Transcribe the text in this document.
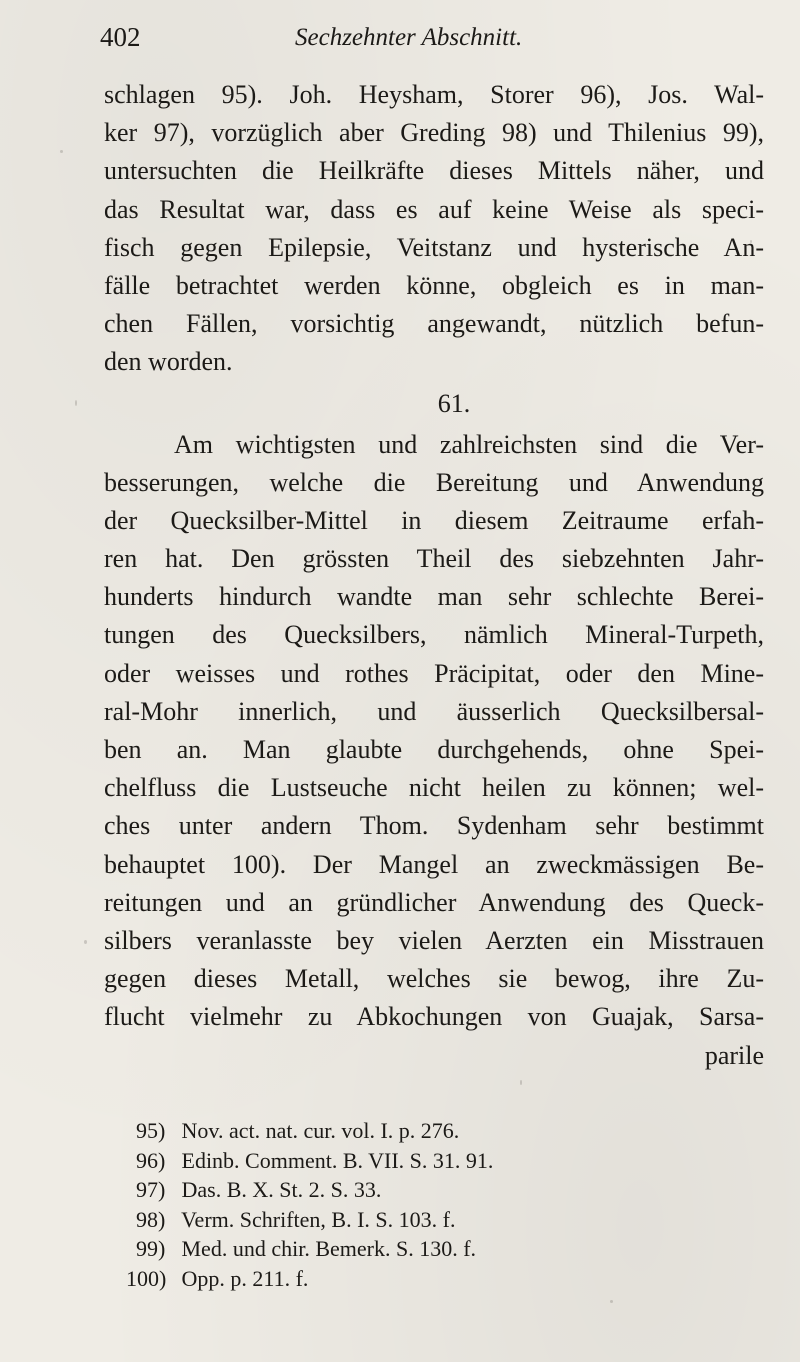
402	Sechzehnter Abschnitt.
schlagen 95). Joh. Heysham, Storer 96), Jos. Wal-
ker 97), vorzüglich aber Greding 98) und Thilenius 99),
untersuchten die Heilkräfte dieses Mittels näher, und
das Resultat war, dass es auf keine Weise als speci-
fisch gegen Epilepsie, Veitstanz und hysterische An-
fälle betrachtet werden könne, obgleich es in man-
chen Fällen, vorsichtig angewandt, nützlich befun-
den worden.
61.
Am wichtigsten und zahlreichsten sind die Ver-
besserungen, welche die Bereitung und Anwendung
der Quecksilber-Mittel in diesem Zeitraume erfah-
ren hat. Den grössten Theil des siebzehnten Jahr-
hunderts hindurch wandte man sehr schlechte Berei-
tungen des Quecksilbers, nämlich Mineral-Turpeth,
oder weisses und rothes Präcipitat, oder den Mine-
ral-Mohr innerlich, und äusserlich Quecksilbersal-
ben an. Man glaubte durchgehends, ohne Spei-
chelfluss die Lustseuche nicht heilen zu können; wel-
ches unter andern Thom. Sydenham sehr bestimmt
behauptet 100). Der Mangel an zweckmässigen Be-
reitungen und an gründlicher Anwendung des Queck-
silbers veranlasste bey vielen Aerzten ein Misstrauen
gegen dieses Metall, welches sie bewog, ihre Zu-
flucht vielmehr zu Abkochungen von Guajak, Sarsa-
parile
95) Nov. act. nat. cur. vol. I. p. 276.
96) Edinb. Comment. B. VII. S. 31. 91.
97) Das. B. X. St. 2. S. 33.
98) Verm. Schriften, B. I. S. 103. f.
99) Med. und chir. Bemerk. S. 130. f.
100) Opp. p. 211. f.
